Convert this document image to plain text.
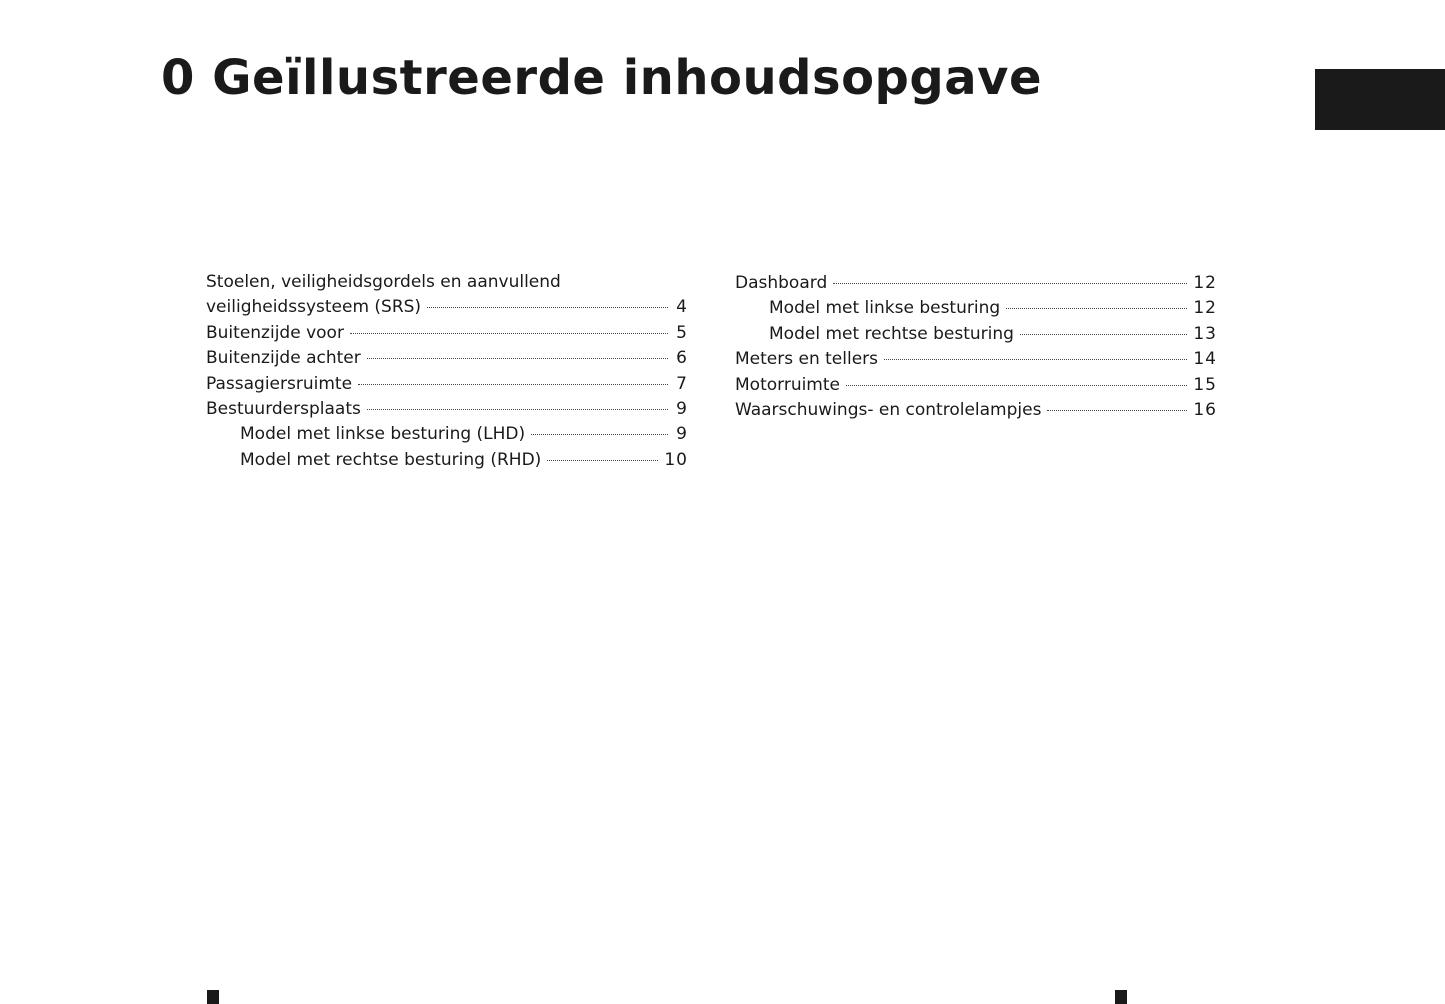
0 Geïllustreerde inhoudsopgave
Stoelen, veiligheidsgordels en aanvullend
veiligheidssysteem (SRS)	4
Buitenzijde voor	5
Buitenzijde achter	6
Passagiersruimte	7
Bestuurdersplaats	9
Model met linkse besturing (LHD)	9
Model met rechtse besturing (RHD)	10
Dashboard	12
Model met linkse besturing	12
Model met rechtse besturing	13
Meters en tellers	14
Motorruimte	15
Waarschuwings- en controlelampjes	16
